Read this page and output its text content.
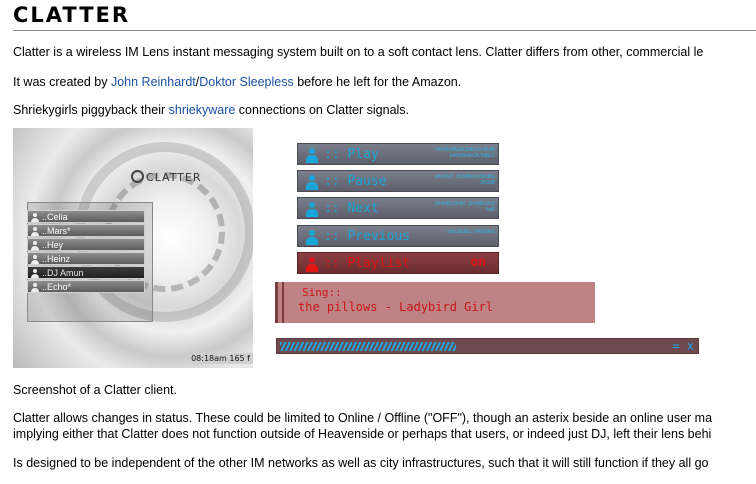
CLATTER

Clatter is a wireless IM Lens instant messaging system built on to a soft contact lens. Clatter differs from other, commercial le

It was created by John Reinhardt/Doktor Sleepless before he left for the Amazon.

Shriekygirls piggyback their shriekyware connections on Clatter signals.

CLATTER
..Celia
..Mars*
..Hey
..Heinz
..DJ Amun
..Echo*
08:18am 165 f
:: Play	s8n3kd8a2k3d8s2n3kd8 k4hd9e8s2k3d8s2
:: Pause	e8s2k3 2k3d8s2n3kd8a2k3d8
:: Next	3k4d8s2k3d 2k3d8s2n3kd8
:: Previous	s8n3kd8a k4hd9e8
:: Playlist	on
Sing::
the pillows - Ladybird Girl
= x

Screenshot of a Clatter client.

Clatter allows changes in status. These could be limited to Online / Offline ("OFF"), though an asterix beside an online user ma

implying either that Clatter does not function outside of Heavenside or perhaps that users, or indeed just DJ, left their lens behi

Is designed to be independent of the other IM networks as well as city infrastructures, such that it will still function if they all go
